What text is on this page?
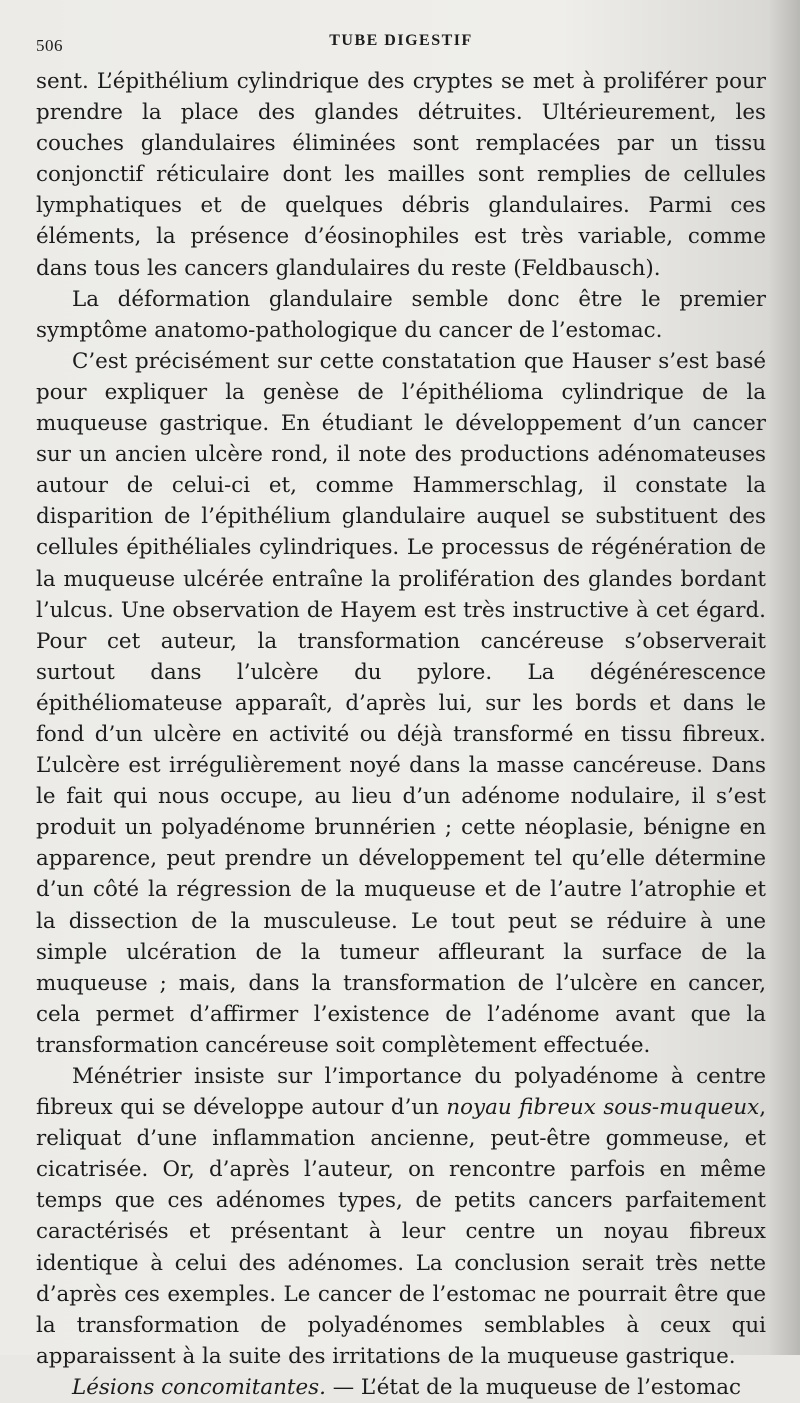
506	TUBE DIGESTIF

sent. L’épithélium cylindrique des cryptes se met à proliférer pour prendre la place des glandes détruites. Ultérieurement, les couches glandulaires éliminées sont remplacées par un tissu conjonctif réticulaire dont les mailles sont remplies de cellules lymphatiques et de quelques débris glandulaires. Parmi ces éléments, la présence d’éosinophiles est très variable, comme dans tous les cancers glandulaires du reste (Feldbausch).

La déformation glandulaire semble donc être le premier symptôme anatomo-pathologique du cancer de l’estomac.

C’est précisément sur cette constatation que Hauser s’est basé pour expliquer la genèse de l’épithélioma cylindrique de la muqueuse gastrique. En étudiant le développement d’un cancer sur un ancien ulcère rond, il note des productions adénomateuses autour de celui-ci et, comme Hammerschlag, il constate la disparition de l’épithélium glandulaire auquel se substituent des cellules épithéliales cylindriques. Le processus de régénération de la muqueuse ulcérée entraîne la prolifération des glandes bordant l’ulcus. Une observation de Hayem est très instructive à cet égard. Pour cet auteur, la transformation cancéreuse s’observerait surtout dans l’ulcère du pylore. La dégénérescence épithéliomateuse apparaît, d’après lui, sur les bords et dans le fond d’un ulcère en activité ou déjà transformé en tissu fibreux. L’ulcère est irrégulièrement noyé dans la masse cancéreuse. Dans le fait qui nous occupe, au lieu d’un adénome nodulaire, il s’est produit un polyadénome brunnérien ; cette néoplasie, bénigne en apparence, peut prendre un développement tel qu’elle détermine d’un côté la régression de la muqueuse et de l’autre l’atrophie et la dissection de la musculeuse. Le tout peut se réduire à une simple ulcération de la tumeur affleurant la surface de la muqueuse ; mais, dans la transformation de l’ulcère en cancer, cela permet d’affirmer l’existence de l’adénome avant que la transformation cancéreuse soit complètement effectuée.

Ménétrier insiste sur l’importance du polyadénome à centre fibreux qui se développe autour d’un noyau fibreux sous-muqueux, reliquat d’une inflammation ancienne, peut-être gommeuse, et cicatrisée. Or, d’après l’auteur, on rencontre parfois en même temps que ces adénomes types, de petits cancers parfaitement caractérisés et présentant à leur centre un noyau fibreux identique à celui des adénomes. La conclusion serait très nette d’après ces exemples. Le cancer de l’estomac ne pourrait être que la transformation de polyadénomes semblables à ceux qui apparaissent à la suite des irritations de la muqueuse gastrique.

Lésions concomitantes. — L’état de la muqueuse de l’estomac
